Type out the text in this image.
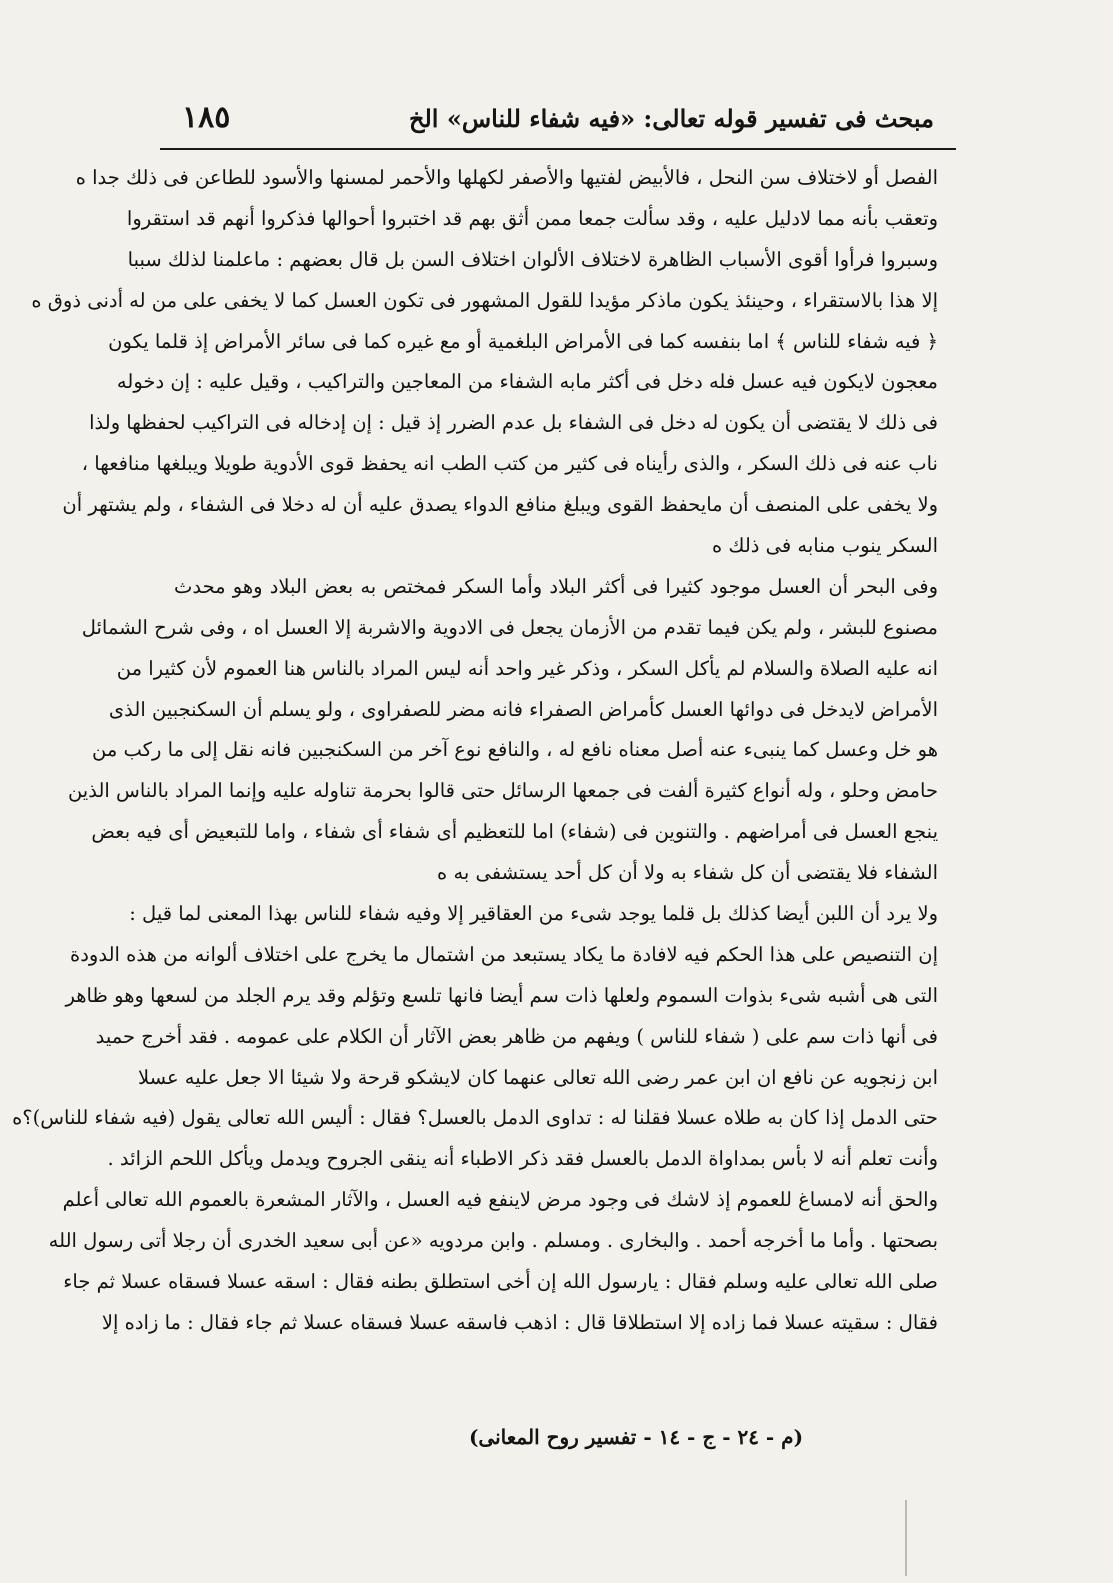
١٨٥	مبحث فى تفسير قوله تعالى: «فيه شفاء للناس» الخ
الفصل أو لاختلاف سن النحل ، فالأبيض لفتيها والأصفر لكهلها والأحمر لمسنها والأسود للطاعن فى ذلك جدا ه
وتعقب بأنه مما لادليل عليه ، وقد سألت جمعا ممن أثق بهم قد اختبروا أحوالها فذكروا أنهم قد استقروا
وسبروا فرأوا أقوى الأسباب الظاهرة لاختلاف الألوان اختلاف السن بل قال بعضهم : ماعلمنا لذلك سببا
إلا هذا بالاستقراء ، وحينئذ يكون ماذكر مؤيدا للقول المشهور فى تكون العسل كما لا يخفى على من له أدنى ذوق ه
﴿ فيه شفاء للناس ﴾ اما بنفسه كما فى الأمراض البلغمية أو مع غيره كما فى سائر الأمراض إذ قلما يكون
معجون لايكون فيه عسل فله دخل فى أكثر مابه الشفاء من المعاجين والتراكيب ، وقيل عليه : إن دخوله
فى ذلك لا يقتضى أن يكون له دخل فى الشفاء بل عدم الضرر إذ قيل : إن إدخاله فى التراكيب لحفظها ولذا
ناب عنه فى ذلك السكر ، والذى رأيناه فى كثير من كتب الطب انه يحفظ قوى الأدوية طويلا ويبلغها منافعها ،
ولا يخفى على المنصف أن مايحفظ القوى ويبلغ منافع الدواء يصدق عليه أن له دخلا فى الشفاء ، ولم يشتهر أن
السكر ينوب منابه فى ذلك ه
وفى البحر أن العسل موجود كثيرا فى أكثر البلاد وأما السكر فمختص به بعض البلاد وهو محدث
مصنوع للبشر ، ولم يكن فيما تقدم من الأزمان يجعل فى الادوية والاشربة إلا العسل اه ، وفى شرح الشمائل
انه عليه الصلاة والسلام لم يأكل السكر ، وذكر غير واحد أنه ليس المراد بالناس هنا العموم لأن كثيرا من
الأمراض لايدخل فى دوائها العسل كأمراض الصفراء فانه مضر للصفراوى ، ولو يسلم أن السكنجبين الذى
هو خل وعسل كما ينبىء عنه أصل معناه نافع له ، والنافع نوع آخر من السكنجبين فانه نقل إلى ما ركب من
حامض وحلو ، وله أنواع كثيرة ألفت فى جمعها الرسائل حتى قالوا بحرمة تناوله عليه وإنما المراد بالناس الذين
ينجع العسل فى أمراضهم . والتنوين فى (شفاء) اما للتعظيم أى شفاء أى شفاء ، واما للتبعيض أى فيه بعض
الشفاء فلا يقتضى أن كل شفاء به ولا أن كل أحد يستشفى به ه
ولا يرد أن اللبن أيضا كذلك بل قلما يوجد شىء من العقاقير إلا وفيه شفاء للناس بهذا المعنى لما قيل :
إن التنصيص على هذا الحكم فيه لافادة ما يكاد يستبعد من اشتمال ما يخرج على اختلاف ألوانه من هذه الدودة
التى هى أشبه شىء بذوات السموم ولعلها ذات سم أيضا فانها تلسع وتؤلم وقد يرم الجلد من لسعها وهو ظاهر
فى أنها ذات سم على ( شفاء للناس ) ويفهم من ظاهر بعض الآثار أن الكلام على عمومه . فقد أخرج حميد
ابن زنجويه عن نافع ان ابن عمر رضى الله تعالى عنهما كان لايشكو قرحة ولا شيئا الا جعل عليه عسلا
حتى الدمل إذا كان به طلاه عسلا فقلنا له : تداوى الدمل بالعسل؟ فقال : أليس الله تعالى يقول (فيه شفاء للناس)؟ه
وأنت تعلم أنه لا بأس بمداواة الدمل بالعسل فقد ذكر الاطباء أنه ينقى الجروح ويدمل ويأكل اللحم الزائد .
والحق أنه لامساغ للعموم إذ لاشك فى وجود مرض لاينفع فيه العسل ، والآثار المشعرة بالعموم الله تعالى أعلم
بصحتها . وأما ما أخرجه أحمد . والبخارى . ومسلم . وابن مردويه «عن أبى سعيد الخدرى أن رجلا أتى رسول الله
صلى الله تعالى عليه وسلم فقال : يارسول الله إن أخى استطلق بطنه فقال : اسقه عسلا فسقاه عسلا ثم جاء
فقال : سقيته عسلا فما زاده إلا استطلاقا قال : اذهب فاسقه عسلا فسقاه عسلا ثم جاء فقال : ما زاده إلا
(م - ٢٤ - ج - ١٤ - تفسير روح المعانى)
